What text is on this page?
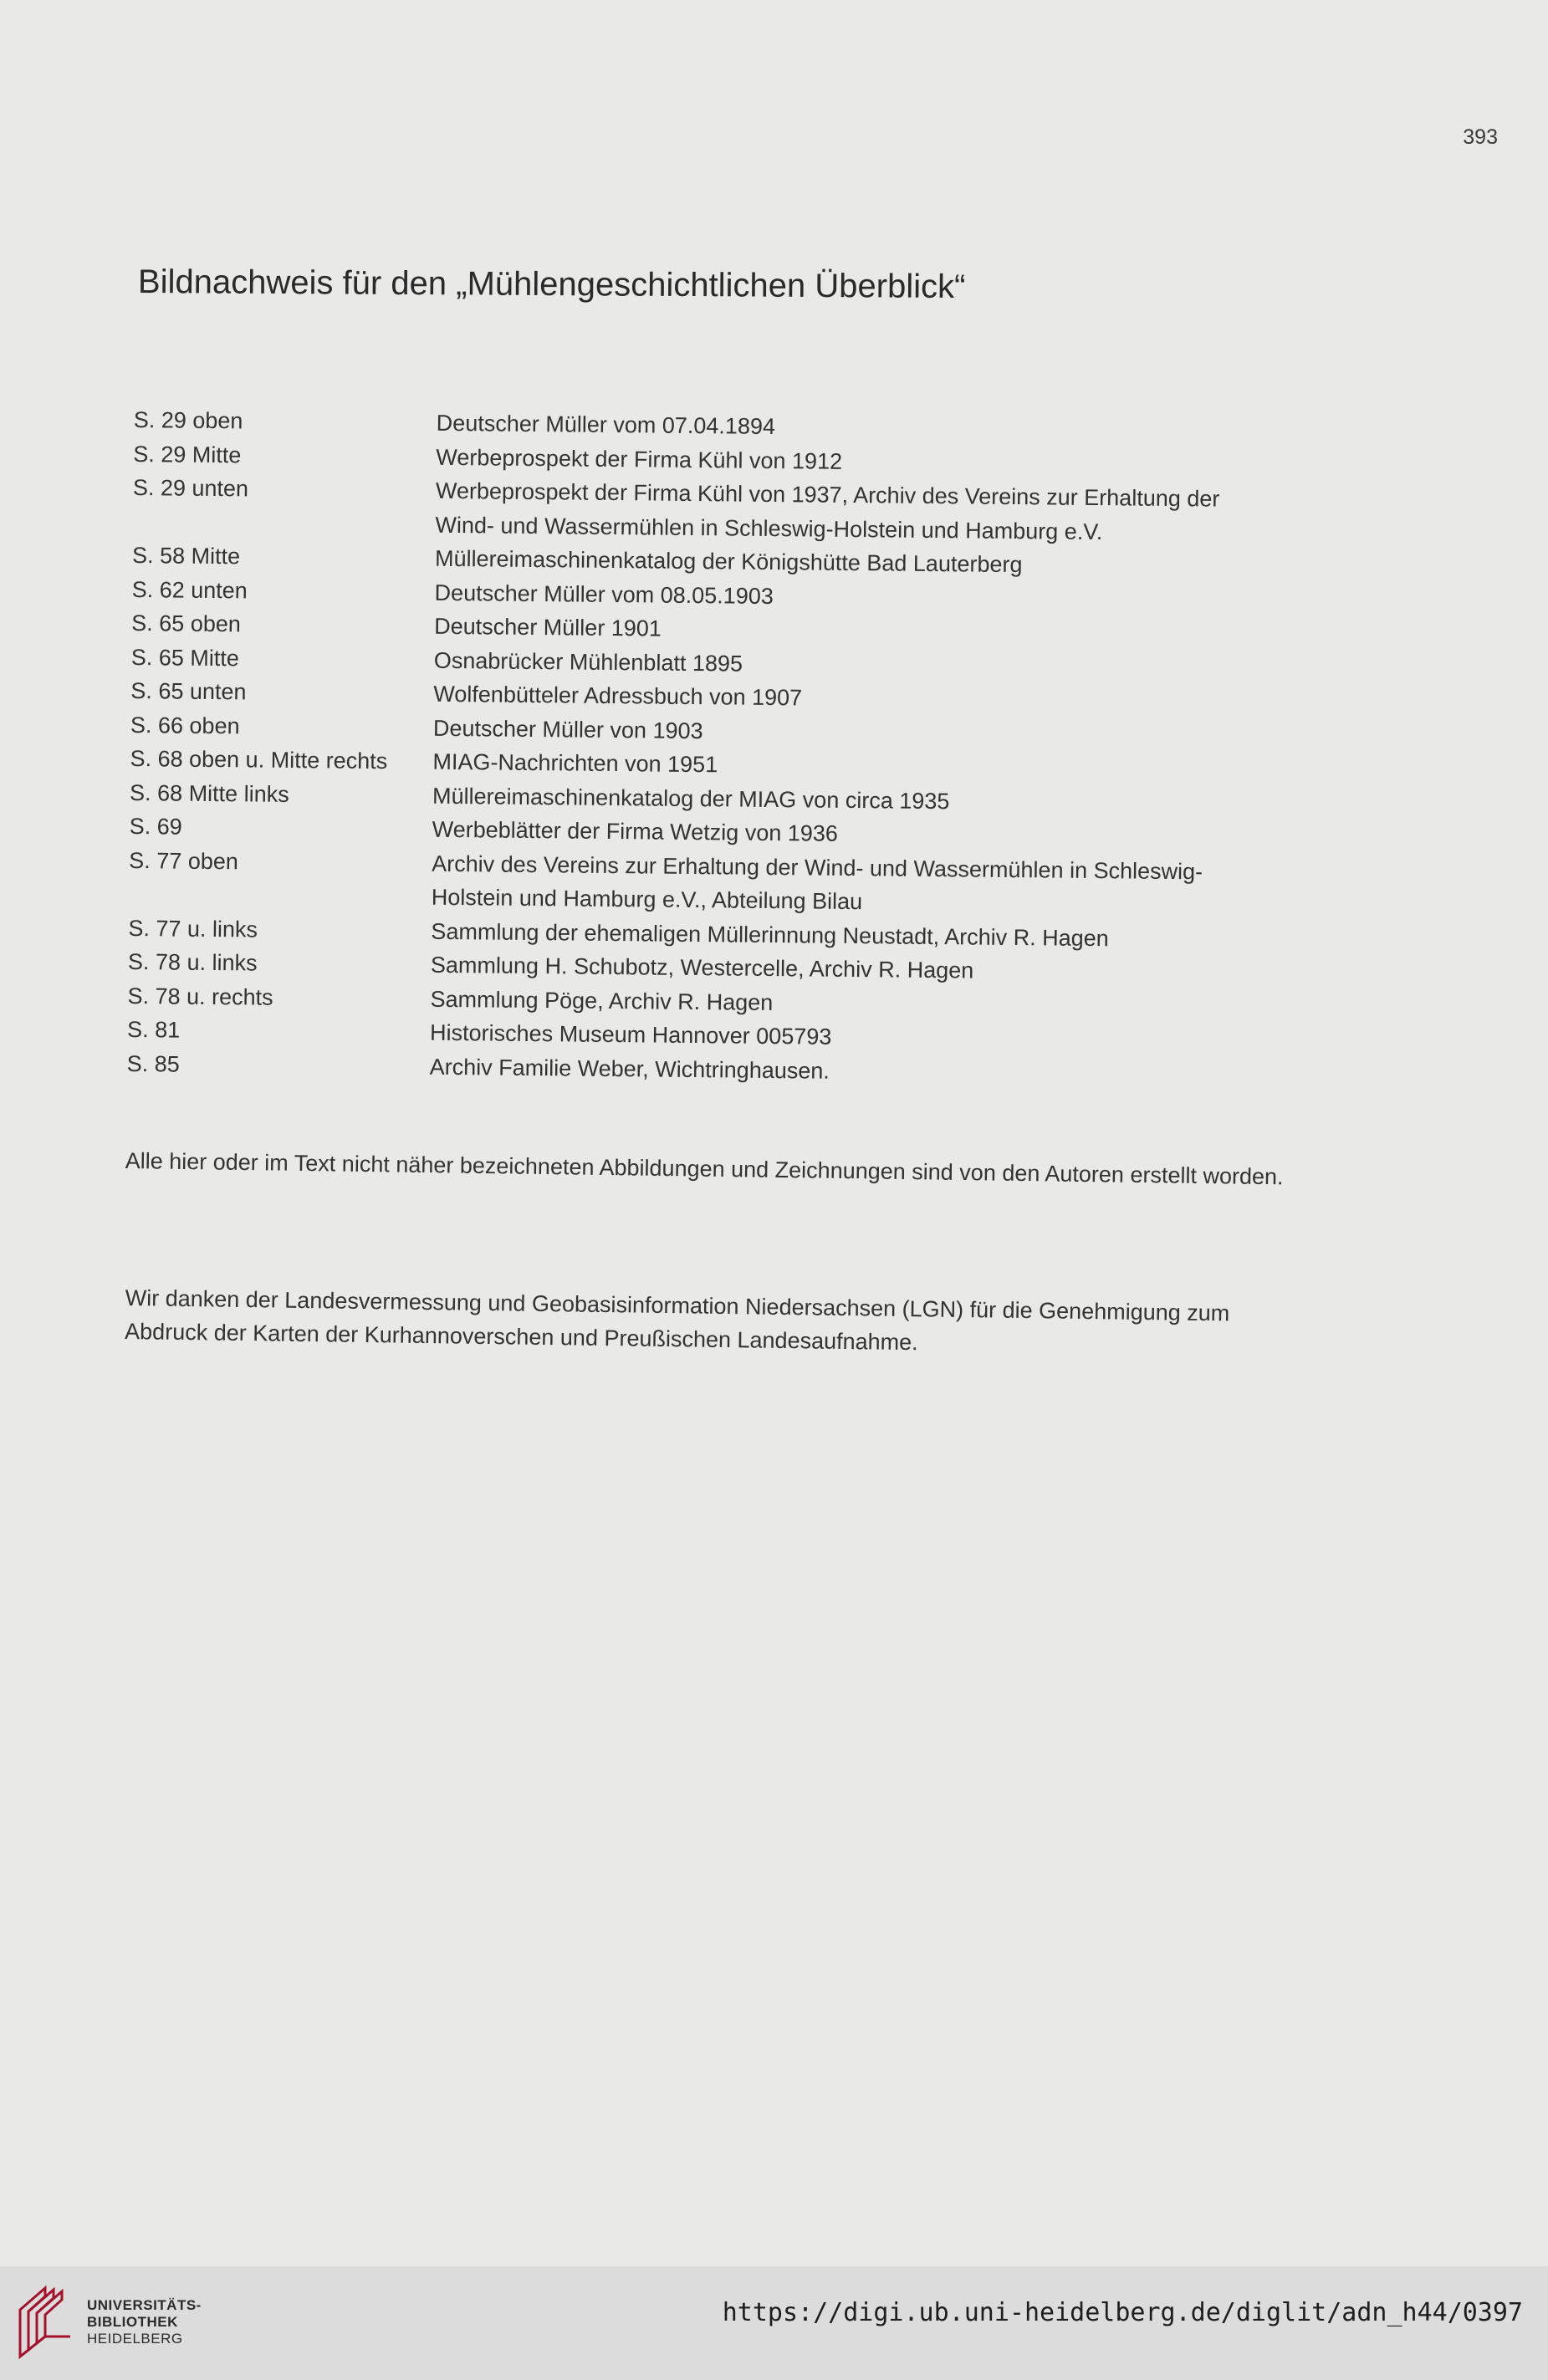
393
Bildnachweis für den „Mühlengeschichtlichen Überblick“
S. 29 oben	Deutscher Müller vom 07.04.1894
S. 29 Mitte	Werbeprospekt der Firma Kühl von 1912
S. 29 unten	Werbeprospekt der Firma Kühl von 1937, Archiv des Vereins zur Erhaltung der Wind- und Wassermühlen in Schleswig-Holstein und Hamburg e.V.
S. 58 Mitte	Müllereimaschinenkatalog der Königshütte Bad Lauterberg
S. 62 unten	Deutscher Müller vom 08.05.1903
S. 65 oben	Deutscher Müller 1901
S. 65 Mitte	Osnabrücker Mühlenblatt 1895
S. 65 unten	Wolfenbütteler Adressbuch von 1907
S. 66 oben	Deutscher Müller von 1903
S. 68 oben u. Mitte rechts	MIAG-Nachrichten von 1951
S. 68 Mitte links	Müllereimaschinenkatalog der MIAG von circa 1935
S. 69	Werbeblätter der Firma Wetzig von 1936
S. 77 oben	Archiv des Vereins zur Erhaltung der Wind- und Wassermühlen in Schleswig-Holstein und Hamburg e.V., Abteilung Bilau
S. 77 u. links	Sammlung der ehemaligen Müllerinnung Neustadt, Archiv R. Hagen
S. 78 u. links	Sammlung H. Schubotz, Westercelle, Archiv R. Hagen
S. 78 u. rechts	Sammlung Pöge, Archiv R. Hagen
S. 81	Historisches Museum Hannover 005793
S. 85	Archiv Familie Weber, Wichtringhausen.

Alle hier oder im Text nicht näher bezeichneten Abbildungen und Zeichnungen sind von den Autoren erstellt worden.

Wir danken der Landesvermessung und Geobasisinformation Niedersachsen (LGN) für die Genehmigung zum Abdruck der Karten der Kurhannoverschen und Preußischen Landesaufnahme.

UNIVERSITÄTS-
BIBLIOTHEK
HEIDELBERG
https://digi.ub.uni-heidelberg.de/diglit/adn_h44/0397
